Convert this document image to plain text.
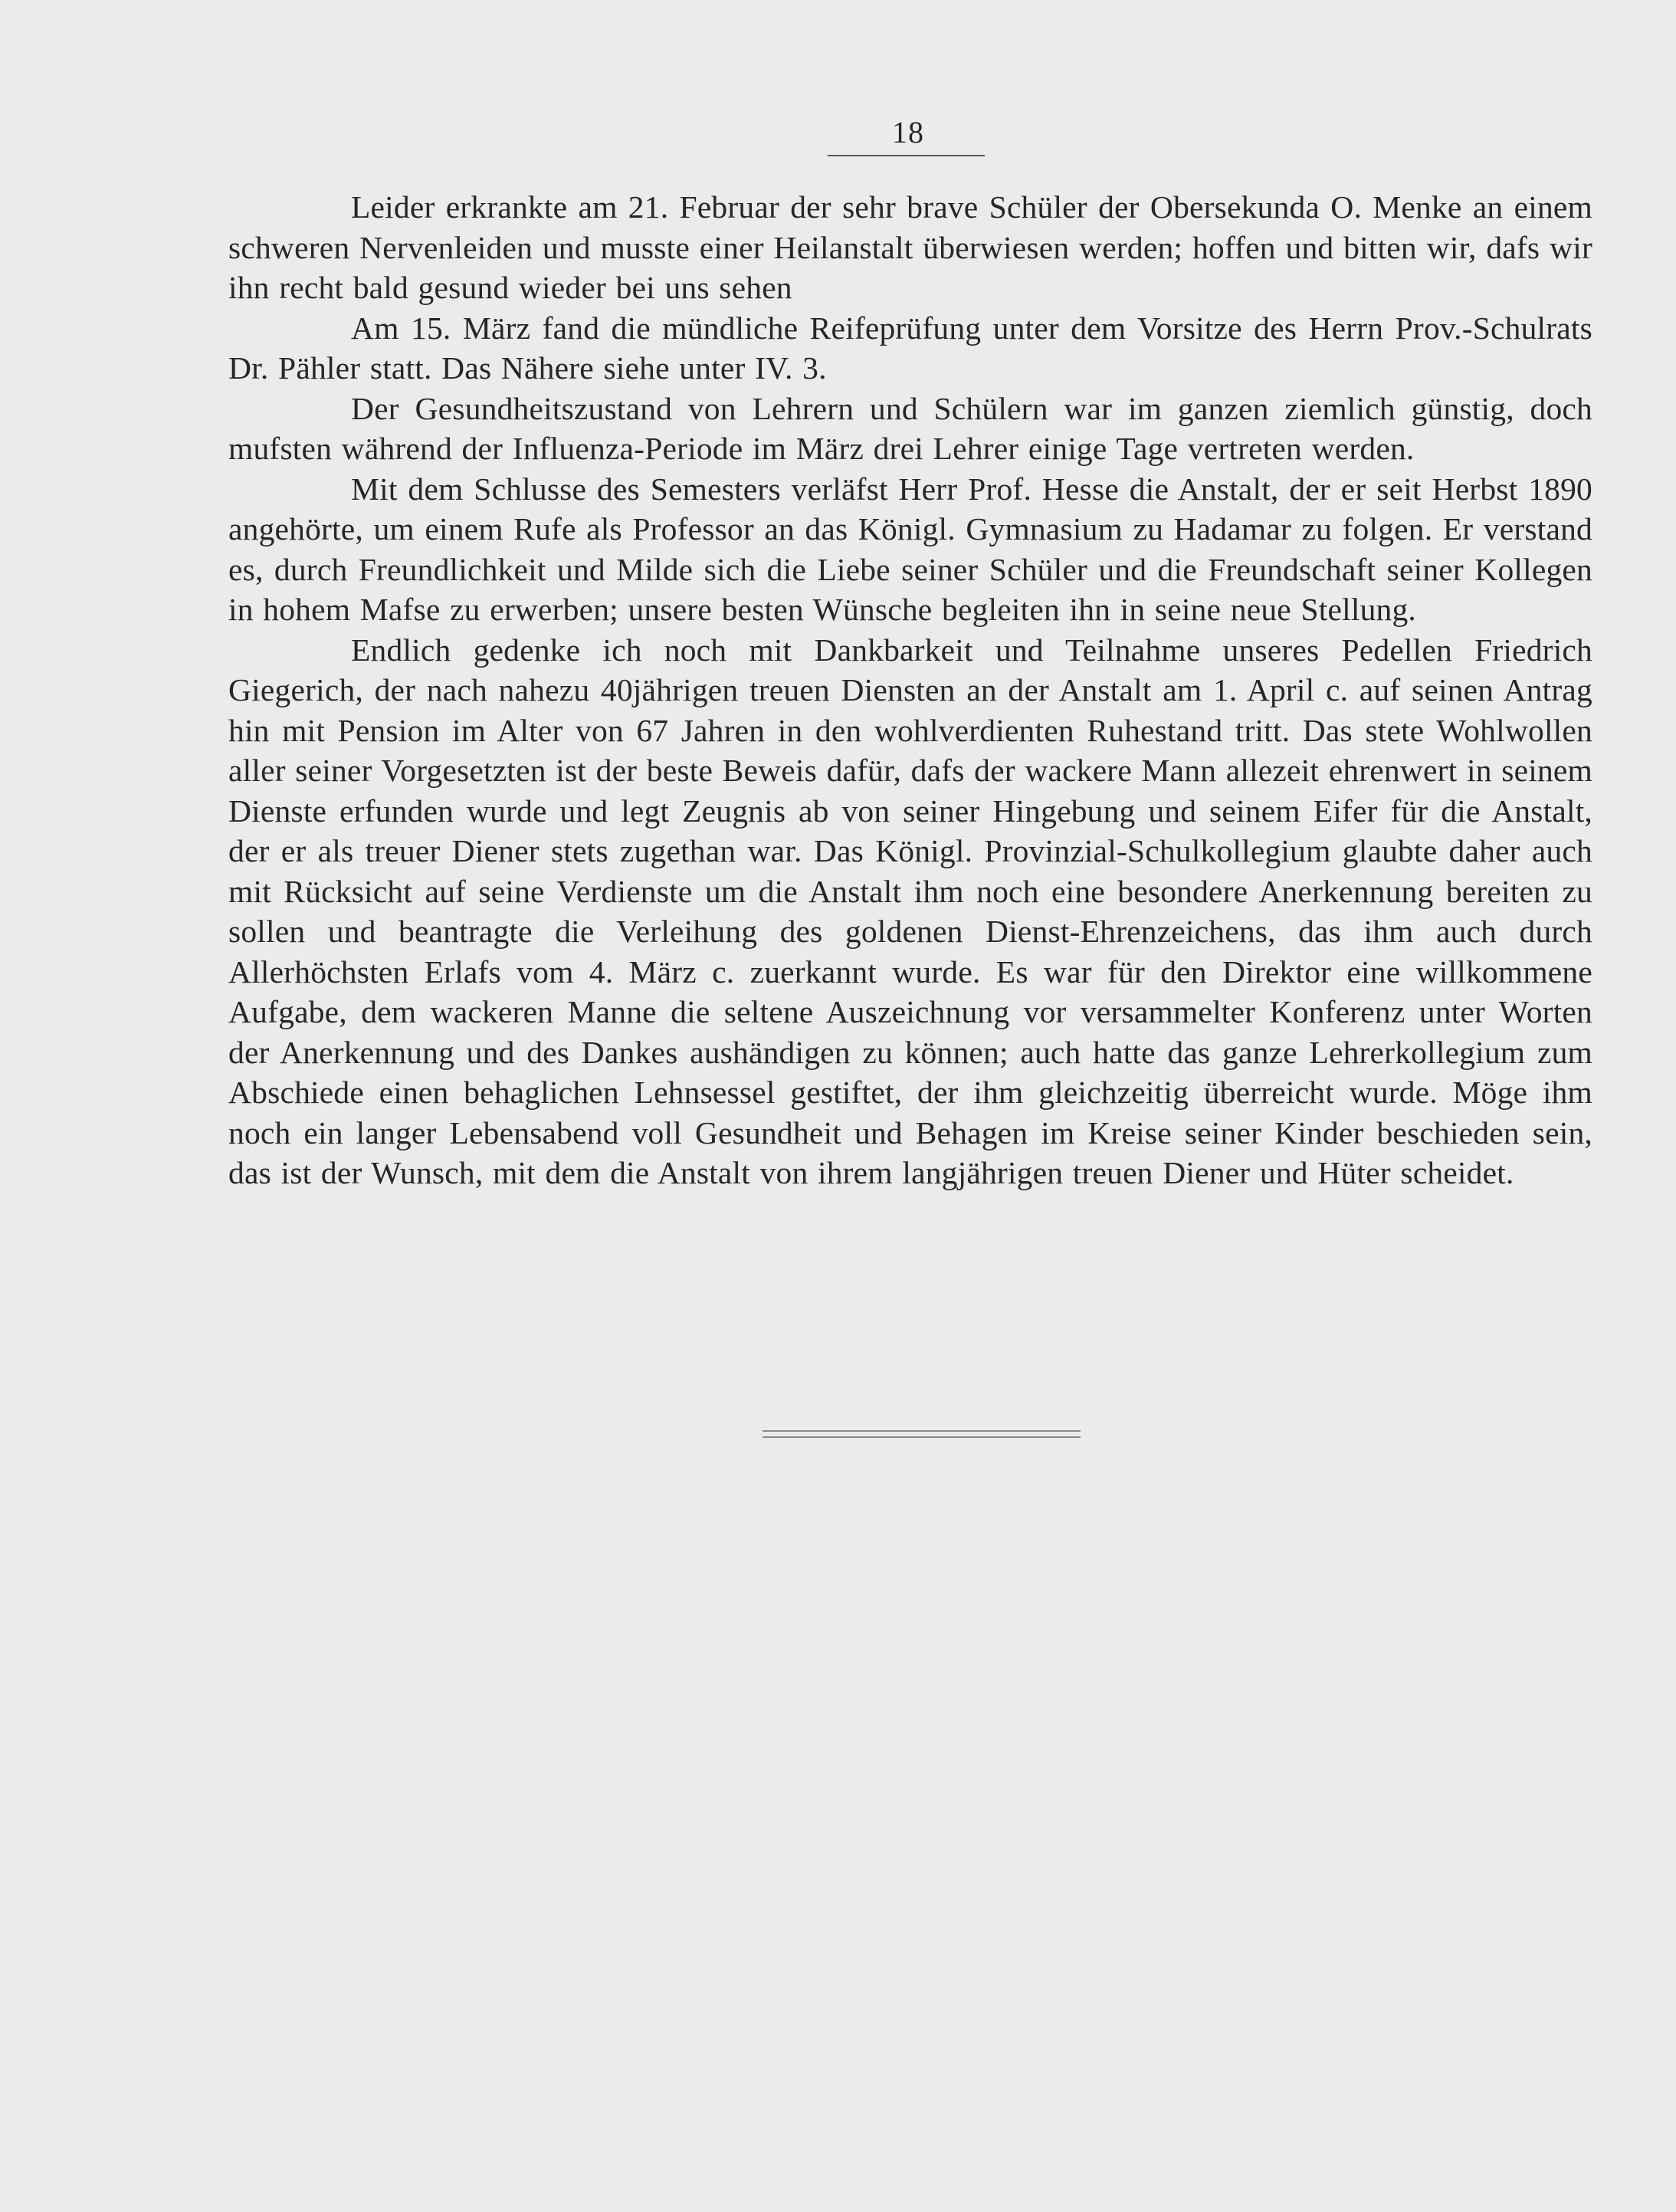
18

Leider erkrankte am 21. Februar der sehr brave Schüler der Obersekunda O. Menke an einem schweren Nervenleiden und musste einer Heilanstalt überwiesen werden; hoffen und bitten wir, dafs wir ihn recht bald gesund wieder bei uns sehen

Am 15. März fand die mündliche Reifeprüfung unter dem Vorsitze des Herrn Prov.-Schulrats Dr. Pähler statt. Das Nähere siehe unter IV. 3.

Der Gesundheitszustand von Lehrern und Schülern war im ganzen ziemlich günstig, doch mufsten während der Influenza-Periode im März drei Lehrer einige Tage vertreten werden.

Mit dem Schlusse des Semesters verläfst Herr Prof. Hesse die Anstalt, der er seit Herbst 1890 angehörte, um einem Rufe als Professor an das Königl. Gymnasium zu Hadamar zu folgen. Er verstand es, durch Freundlichkeit und Milde sich die Liebe seiner Schüler und die Freundschaft seiner Kollegen in hohem Mafse zu erwerben; unsere besten Wünsche begleiten ihn in seine neue Stellung.

Endlich gedenke ich noch mit Dankbarkeit und Teilnahme unseres Pedellen Friedrich Giegerich, der nach nahezu 40jährigen treuen Diensten an der Anstalt am 1. April c. auf seinen Antrag hin mit Pension im Alter von 67 Jahren in den wohlverdienten Ruhestand tritt. Das stete Wohlwollen aller seiner Vorgesetzten ist der beste Beweis dafür, dafs der wackere Mann allezeit ehrenwert in seinem Dienste erfunden wurde und legt Zeugnis ab von seiner Hingebung und seinem Eifer für die Anstalt, der er als treuer Diener stets zugethan war. Das Königl. Provinzial-Schulkollegium glaubte daher auch mit Rücksicht auf seine Verdienste um die Anstalt ihm noch eine besondere Anerkennung bereiten zu sollen und beantragte die Verleihung des goldenen Dienst-Ehrenzeichens, das ihm auch durch Allerhöchsten Erlafs vom 4. März c. zuerkannt wurde. Es war für den Direktor eine willkommene Aufgabe, dem wackeren Manne die seltene Auszeichnung vor versammelter Konferenz unter Worten der Anerkennung und des Dankes aushändigen zu können; auch hatte das ganze Lehrerkollegium zum Abschiede einen behaglichen Lehnsessel gestiftet, der ihm gleichzeitig überreicht wurde. Möge ihm noch ein langer Lebensabend voll Gesundheit und Behagen im Kreise seiner Kinder beschieden sein, das ist der Wunsch, mit dem die Anstalt von ihrem langjährigen treuen Diener und Hüter scheidet.
